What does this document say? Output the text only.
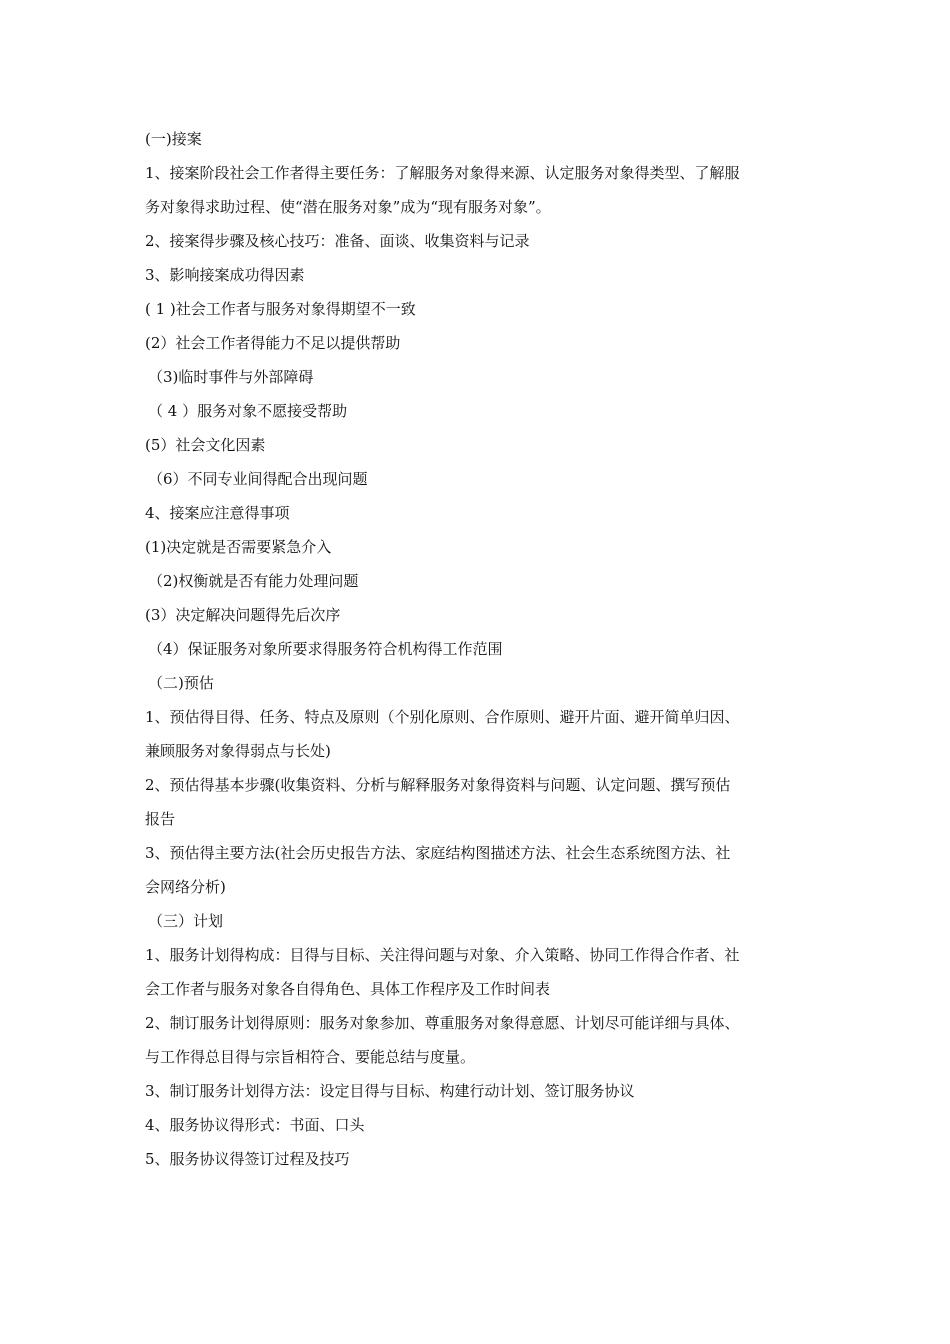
(一)接案
1、接案阶段社会工作者得主要任务：了解服务对象得来源、认定服务对象得类型、了解服
务对象得求助过程、使“潜在服务对象”成为“现有服务对象”。
2、接案得步骤及核心技巧：准备、面谈、收集资料与记录
3、影响接案成功得因素
( 1 )社会工作者与服务对象得期望不一致
(2）社会工作者得能力不足以提供帮助
（3)临时事件与外部障碍
（ 4 ）服务对象不愿接受帮助
(5）社会文化因素
（6）不同专业间得配合出现问题
4、接案应注意得事项
(1)决定就是否需要紧急介入
（2)权衡就是否有能力处理问题
(3）决定解决问题得先后次序
（4）保证服务对象所要求得服务符合机构得工作范围
（二)预估
1、预估得目得、任务、特点及原则（个别化原则、合作原则、避开片面、避开简单归因、
兼顾服务对象得弱点与长处)
2、预估得基本步骤(收集资料、分析与解释服务对象得资料与问题、认定问题、撰写预估
报告
3、预估得主要方法(社会历史报告方法、家庭结构图描述方法、社会生态系统图方法、社
会网络分析)
（三）计划
1、服务计划得构成：目得与目标、关注得问题与对象、介入策略、协同工作得合作者、社
会工作者与服务对象各自得角色、具体工作程序及工作时间表
2、制订服务计划得原则：服务对象参加、尊重服务对象得意愿、计划尽可能详细与具体、
与工作得总目得与宗旨相符合、要能总结与度量。
3、制订服务计划得方法：设定目得与目标、构建行动计划、签订服务协议
4、服务协议得形式：书面、口头
5、服务协议得签订过程及技巧
